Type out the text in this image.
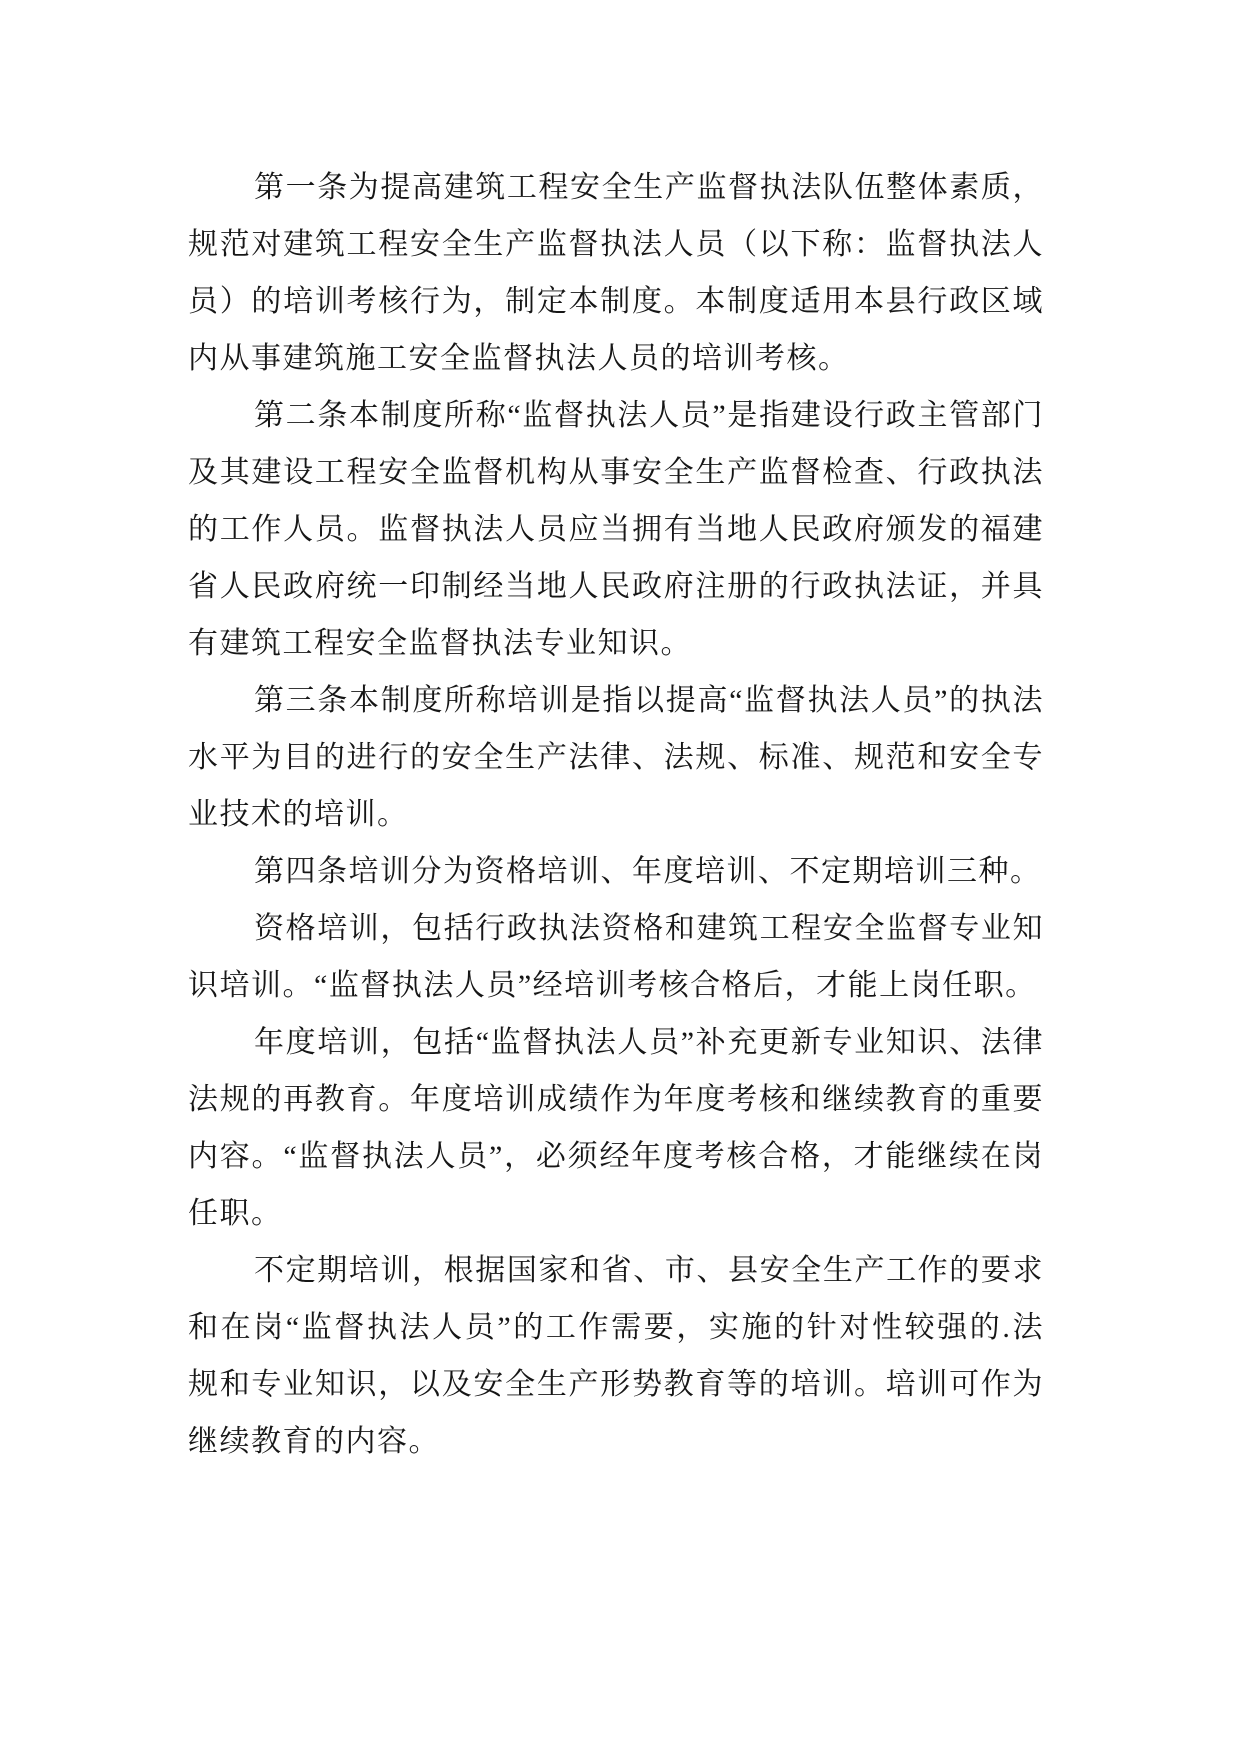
第一条为提高建筑工程安全生产监督执法队伍整体素质，规范对建筑工程安全生产监督执法人员（以下称：监督执法人员）的培训考核行为，制定本制度。本制度适用本县行政区域内从事建筑施工安全监督执法人员的培训考核。

第二条本制度所称“监督执法人员”是指建设行政主管部门及其建设工程安全监督机构从事安全生产监督检查、行政执法的工作人员。监督执法人员应当拥有当地人民政府颁发的福建省人民政府统一印制经当地人民政府注册的行政执法证，并具有建筑工程安全监督执法专业知识。

第三条本制度所称培训是指以提高“监督执法人员”的执法水平为目的进行的安全生产法律、法规、标准、规范和安全专业技术的培训。

第四条培训分为资格培训、年度培训、不定期培训三种。

资格培训，包括行政执法资格和建筑工程安全监督专业知识培训。“监督执法人员”经培训考核合格后，才能上岗任职。

年度培训，包括“监督执法人员”补充更新专业知识、法律法规的再教育。年度培训成绩作为年度考核和继续教育的重要内容。“监督执法人员”，必须经年度考核合格，才能继续在岗任职。

不定期培训，根据国家和省、市、县安全生产工作的要求和在岗“监督执法人员”的工作需要，实施的针对性较强的.法规和专业知识，以及安全生产形势教育等的培训。培训可作为继续教育的内容。
